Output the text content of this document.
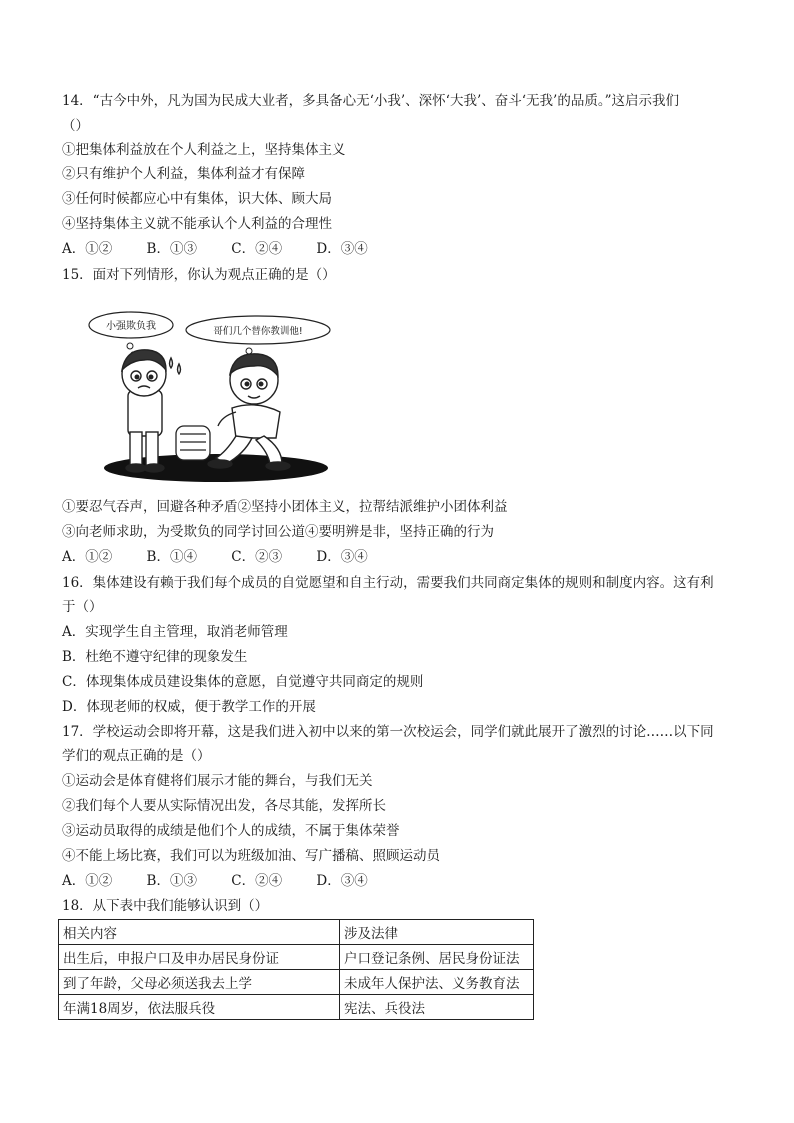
14．“古今中外，凡为国为民成大业者，多具备心无‘小我’、深怀‘大我’、奋斗‘无我’的品质。”这启示我们
（）
①把集体利益放在个人利益之上，坚持集体主义
②只有维护个人利益，集体利益才有保障
③任何时候都应心中有集体，识大体、顾大局
④坚持集体主义就不能承认个人利益的合理性
A．①②	B．①③	C．②④	D．③④
15．面对下列情形，你认为观点正确的是（）
小强欺负我	哥们几个替你教训他!
①要忍气吞声，回避各种矛盾②坚持小团体主义，拉帮结派维护小团体利益
③向老师求助，为受欺负的同学讨回公道④要明辨是非，坚持正确的行为
A．①②	B．①④	C．②③	D．③④
16．集体建设有赖于我们每个成员的自觉愿望和自主行动，需要我们共同商定集体的规则和制度内容。这有利
于（）
A．实现学生自主管理，取消老师管理
B．杜绝不遵守纪律的现象发生
C．体现集体成员建设集体的意愿，自觉遵守共同商定的规则
D．体现老师的权威，便于教学工作的开展
17．学校运动会即将开幕，这是我们进入初中以来的第一次校运会，同学们就此展开了激烈的讨论……以下同
学们的观点正确的是（）
①运动会是体育健将们展示才能的舞台，与我们无关
②我们每个人要从实际情况出发，各尽其能，发挥所长
③运动员取得的成绩是他们个人的成绩，不属于集体荣誉
④不能上场比赛，我们可以为班级加油、写广播稿、照顾运动员
A．①②	B．①③	C．②④	D．③④
18．从下表中我们能够认识到（）
相关内容	涉及法律
出生后，申报户口及申办居民身份证	户口登记条例、居民身份证法
到了年龄，父母必须送我去上学	未成年人保护法、义务教育法
年满18周岁，依法服兵役	宪法、兵役法
